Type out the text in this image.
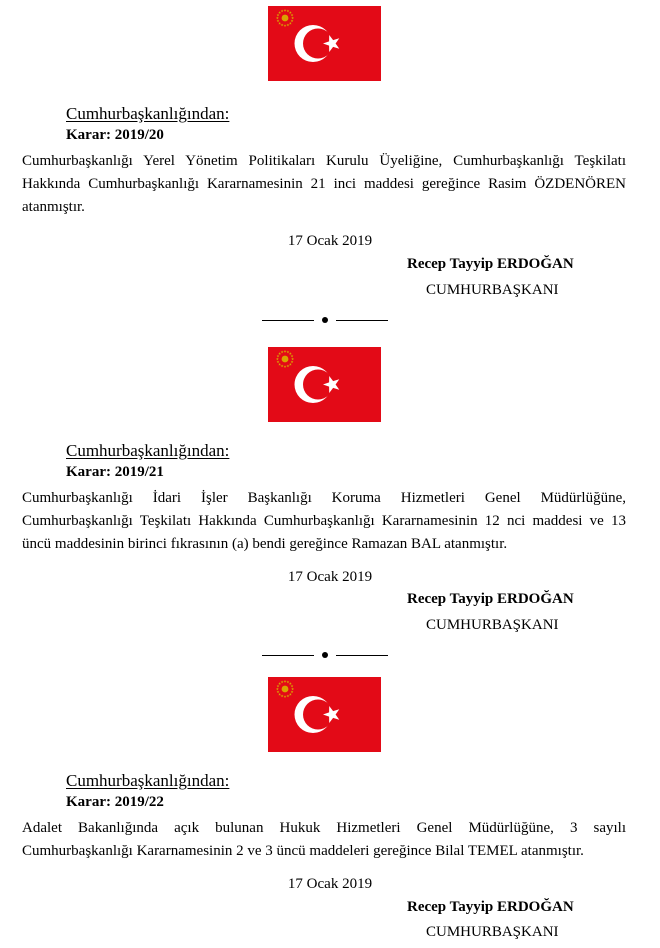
Cumhurbaşkanlığından:
Karar: 2019/20
Cumhurbaşkanlığı Yerel Yönetim Politikaları Kurulu Üyeliğine, Cumhurbaşkanlığı Teşkilatı Hakkında Cumhurbaşkanlığı Kararnamesinin 21 inci maddesi gereğince Rasim ÖZDENÖREN atanmıştır.
17 Ocak 2019
Recep Tayyip ERDOĞAN
CUMHURBAŞKANI
Cumhurbaşkanlığından:
Karar: 2019/21
Cumhurbaşkanlığı İdari İşler Başkanlığı Koruma Hizmetleri Genel Müdürlüğüne, Cumhurbaşkanlığı Teşkilatı Hakkında Cumhurbaşkanlığı Kararnamesinin 12 nci maddesi ve 13 üncü maddesinin birinci fıkrasının (a) bendi gereğince Ramazan BAL atanmıştır.
17 Ocak 2019
Recep Tayyip ERDOĞAN
CUMHURBAŞKANI
Cumhurbaşkanlığından:
Karar: 2019/22
Adalet Bakanlığında açık bulunan Hukuk Hizmetleri Genel Müdürlüğüne, 3 sayılı Cumhurbaşkanlığı Kararnamesinin 2 ve 3 üncü maddeleri gereğince Bilal TEMEL atanmıştır.
17 Ocak 2019
Recep Tayyip ERDOĞAN
CUMHURBAŞKANI
